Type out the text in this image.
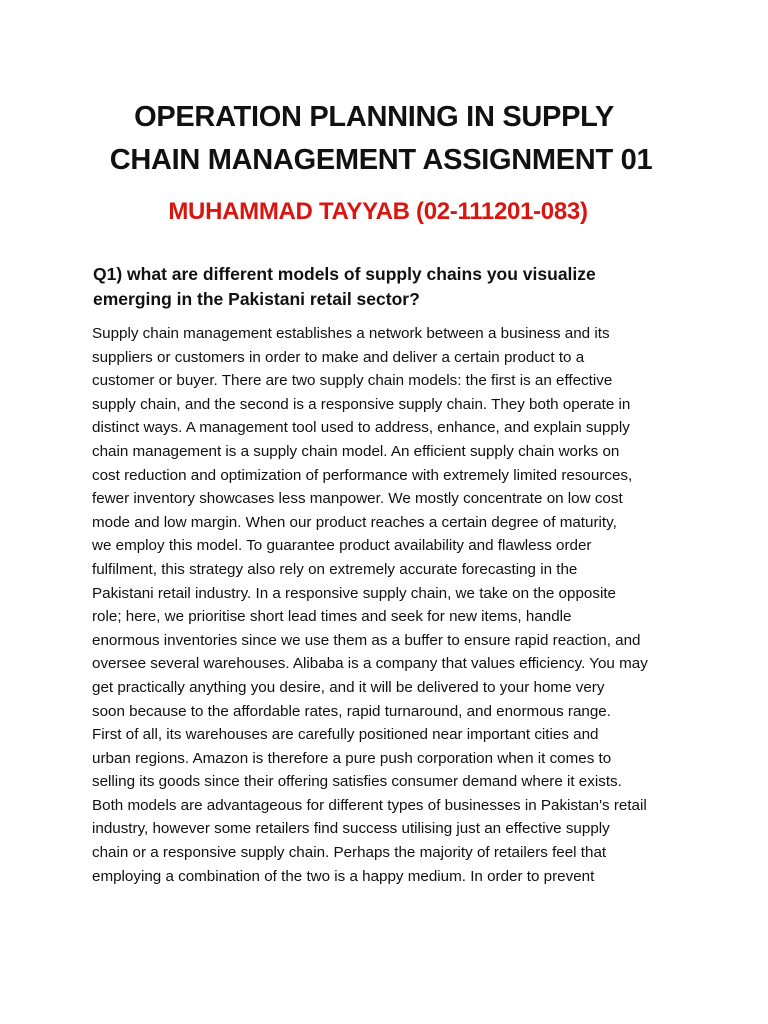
OPERATION PLANNING IN SUPPLY
CHAIN MANAGEMENT ASSIGNMENT 01
MUHAMMAD TAYYAB (02-111201-083)

Q1) what are different models of supply chains you visualize
emerging in the Pakistani retail sector?

Supply chain management establishes a network between a business and its
suppliers or customers in order to make and deliver a certain product to a
customer or buyer. There are two supply chain models: the first is an effective
supply chain, and the second is a responsive supply chain. They both operate in
distinct ways. A management tool used to address, enhance, and explain supply
chain management is a supply chain model. An efficient supply chain works on
cost reduction and optimization of performance with extremely limited resources,
fewer inventory showcases less manpower. We mostly concentrate on low cost
mode and low margin. When our product reaches a certain degree of maturity,
we employ this model. To guarantee product availability and flawless order
fulfilment, this strategy also rely on extremely accurate forecasting in the
Pakistani retail industry. In a responsive supply chain, we take on the opposite
role; here, we prioritise short lead times and seek for new items, handle
enormous inventories since we use them as a buffer to ensure rapid reaction, and
oversee several warehouses. Alibaba is a company that values efficiency. You may
get practically anything you desire, and it will be delivered to your home very
soon because to the affordable rates, rapid turnaround, and enormous range.
First of all, its warehouses are carefully positioned near important cities and
urban regions. Amazon is therefore a pure push corporation when it comes to
selling its goods since their offering satisfies consumer demand where it exists.
Both models are advantageous for different types of businesses in Pakistan's retail
industry, however some retailers find success utilising just an effective supply
chain or a responsive supply chain. Perhaps the majority of retailers feel that
employing a combination of the two is a happy medium. In order to prevent
